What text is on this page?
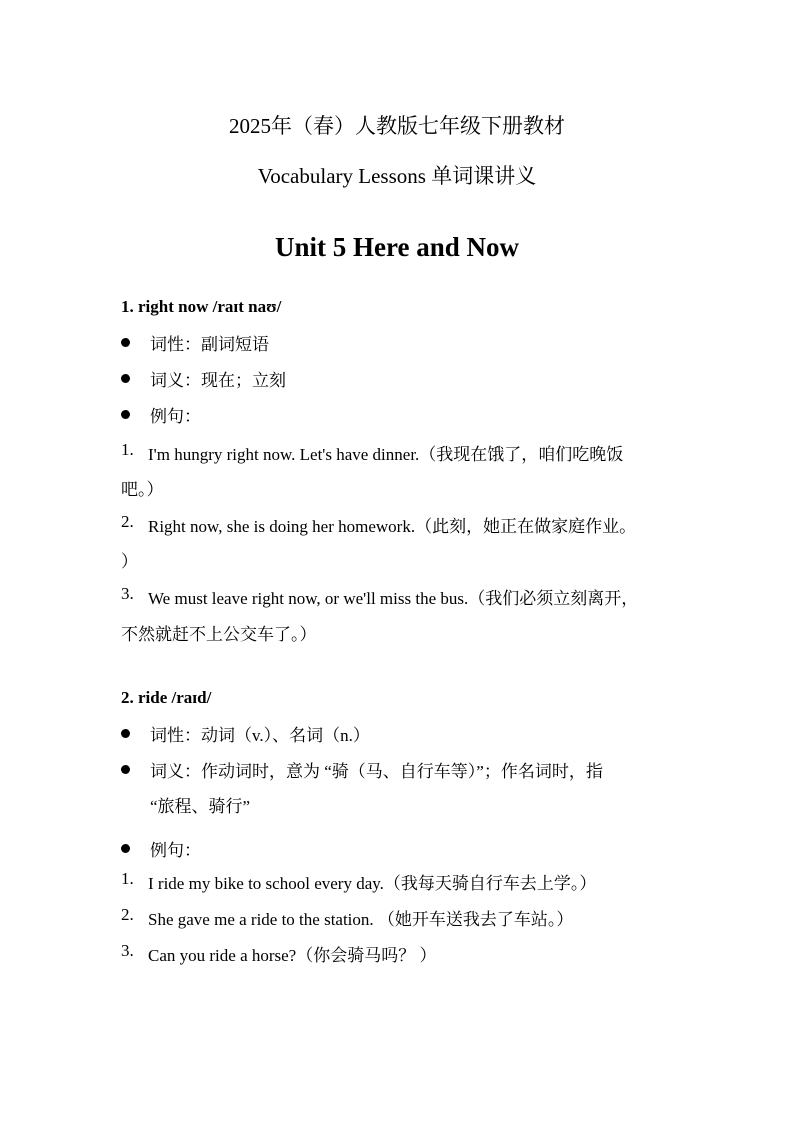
2025年（春）人教版七年级下册教材
Vocabulary Lessons 单词课讲义
Unit 5 Here and Now
1. right now /raɪt naʊ/
词性：副词短语
词义：现在；立刻
例句：
1. I'm hungry right now. Let's have dinner.（我现在饿了，咱们吃晚饭
吧。）
2. Right now, she is doing her homework.（此刻，她正在做家庭作业。
）
3. We must leave right now, or we'll miss the bus.（我们必须立刻离开，
不然就赶不上公交车了。）
2. ride /raɪd/
词性：动词（v.）、名词（n.）
词义：作动词时，意为 “骑（马、自行车等）”；作名词时，指
“旅程、骑行”
例句：
1. I ride my bike to school every day.（我每天骑自行车去上学。）
2. She gave me a ride to the station. （她开车送我去了车站。）
3. Can you ride a horse?（你会骑马吗？ ）
